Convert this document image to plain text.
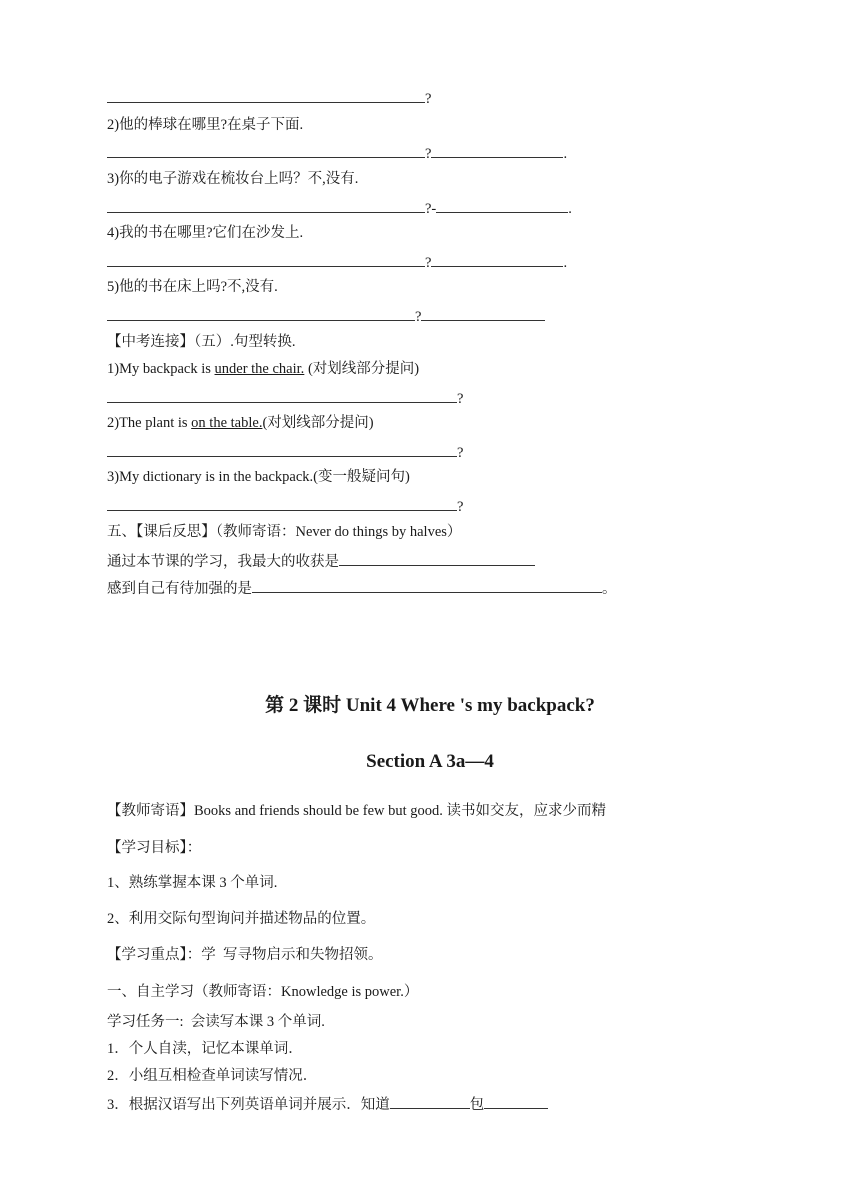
?
2)他的棒球在哪里?在桌子下面.
?	.
3)你的电子游戏在梳妆台上吗？不,没有.
?-	.
4)我的书在哪里?它们在沙发上.
?	.
5)他的书在床上吗?不,没有.
?
【中考连接】（五）.句型转换.
1)My backpack is under the chair. (对划线部分提问)
?
2)The plant is on the table.(对划线部分提问)
?
3)My dictionary is in the backpack.(变一般疑问句)
?
五、【课后反思】（教师寄语：Never do things by halves）
通过本节课的学习，我最大的收获是
感到自己有待加强的是	。
第 2 课时 Unit 4 Where 's my backpack?
Section A 3a—4
【教师寄语】Books and friends should be few but good. 读书如交友，应求少而精
【学习目标】：
1、熟练掌握本课 3 个单词.
2、利用交际句型询问并描述物品的位置。
【学习重点】：学  写寻物启示和失物招领。
一、自主学习（教师寄语：Knowledge is power.）
学习任务一:  会读写本课 3 个单词.
1．个人自渎，记忆本课单词．
2．小组互相检查单词读写情况．
3．根据汉语写出下列英语单词并展示．知道	包
